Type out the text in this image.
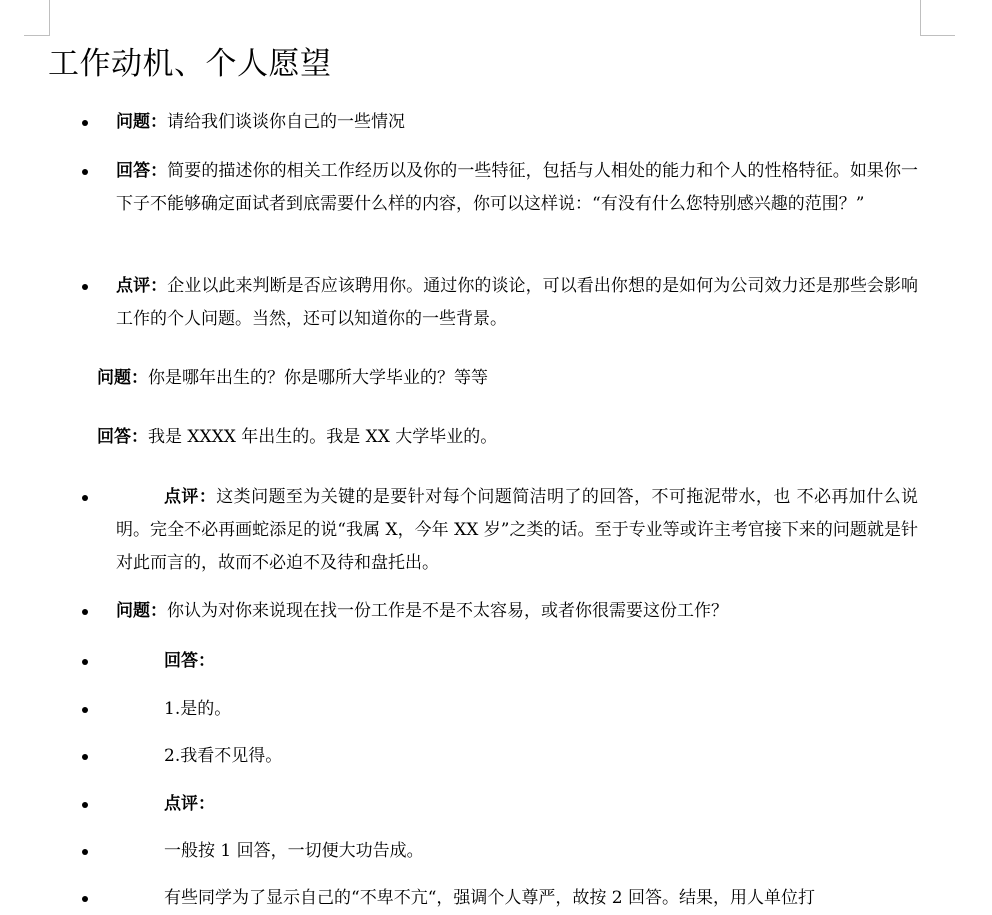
工作动机、个人愿望
问题：请给我们谈谈你自己的一些情况
回答：简要的描述你的相关工作经历以及你的一些特征，包括与人相处的能力和个人的性格特征。如果你一下子不能够确定面试者到底需要什么样的内容，你可以这样说：“有没有什么您特别感兴趣的范围？”
点评：企业以此来判断是否应该聘用你。通过你的谈论，可以看出你想的是如何为公司效力还是那些会影响工作的个人问题。当然，还可以知道你的一些背景。
问题：你是哪年出生的？你是哪所大学毕业的？等等
回答：我是 XXXX 年出生的。我是 XX 大学毕业的。
点评：这类问题至为关键的是要针对每个问题简洁明了的回答，不可拖泥带水，也 不必再加什么说明。完全不必再画蛇添足的说“我属 X，今年 XX 岁”之类的话。至于专业等或许主考官接下来的问题就是针对此而言的，故而不必迫不及待和盘托出。
问题：你认为对你来说现在找一份工作是不是不太容易，或者你很需要这份工作？
回答：
1.是的。
2.我看不见得。
点评：
一般按 1 回答，一切便大功告成。
有些同学为了显示自己的“不卑不亢“，强调个人尊严，故按 2 回答。结果，用人单位打
